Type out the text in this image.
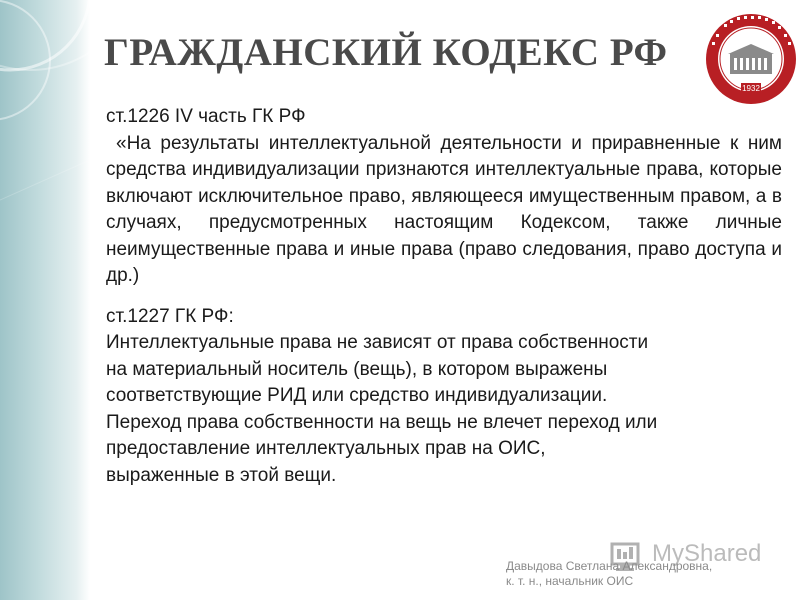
ГРАЖДАНСКИЙ КОДЕКС РФ
1932

ст.1226 IV часть ГК РФ

«На результаты интеллектуальной деятельности и приравненные к ним средства индивидуализации признаются интеллектуальные права, которые включают исключительное право, являющееся имущественным правом, а в случаях, предусмотренных настоящим Кодексом, также личные неимущественные права и иные права (право следования, право доступа и др.)

ст.1227 ГК РФ:

Интеллектуальные права не зависят от права собственности

на материальный носитель (вещь), в котором выражены

соответствующие РИД или средство индивидуализации.

Переход права собственности на вещь не влечет переход или

предоставление интеллектуальных прав на ОИС,

выраженные в этой вещи.

MyShared
Давыдова Светлана Александровна,
к. т. н., начальник ОИС
